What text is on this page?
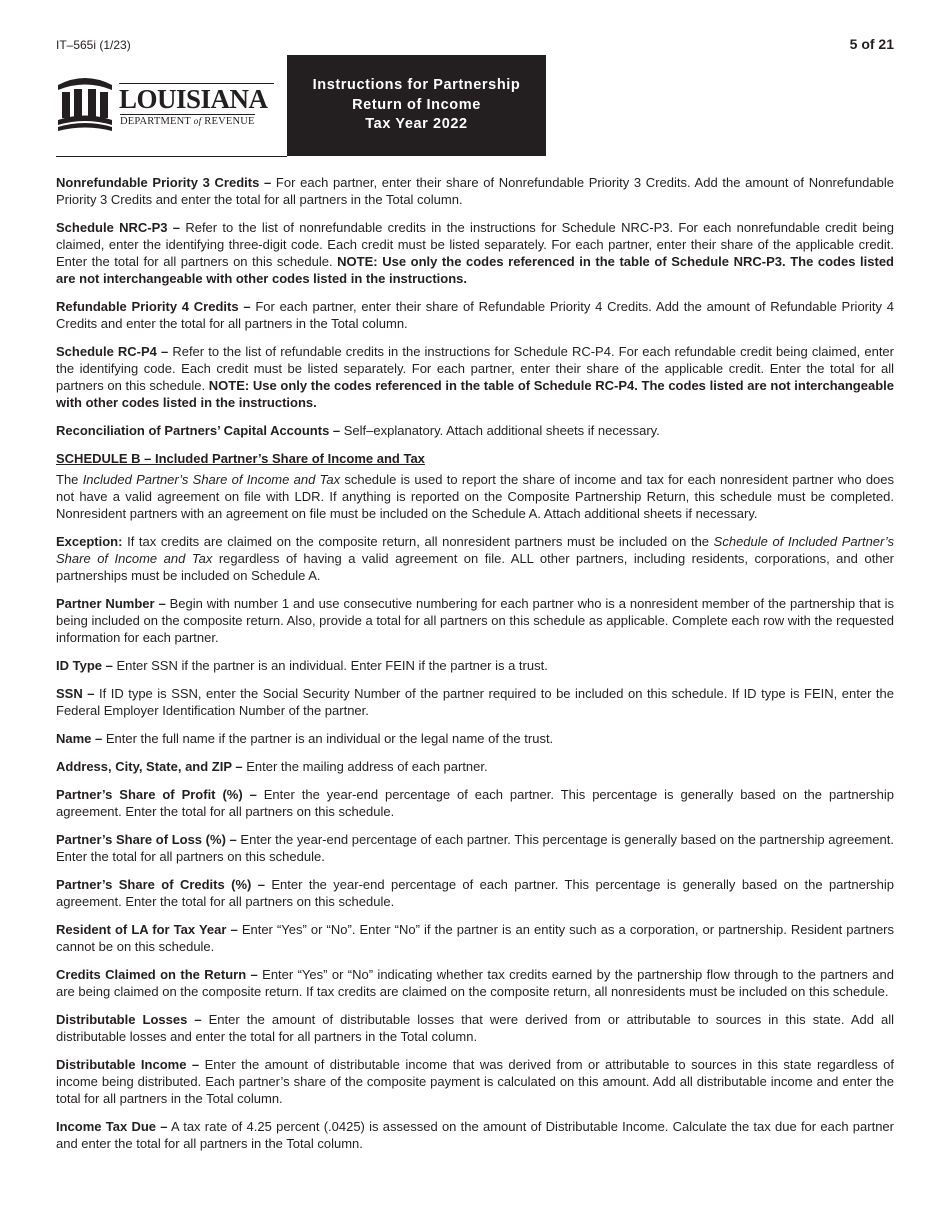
IT–565i (1/23)	5 of 21
LOUISIANA
DEPARTMENT of REVENUE
Instructions for Partnership
Return of Income
Tax Year 2022

Nonrefundable Priority 3 Credits – For each partner, enter their share of Nonrefundable Priority 3 Credits. Add the amount of Nonrefundable Priority 3 Credits and enter the total for all partners in the Total column.

Schedule NRC-P3 – Refer to the list of nonrefundable credits in the instructions for Schedule NRC-P3. For each nonrefundable credit being claimed, enter the identifying three-digit code. Each credit must be listed separately. For each partner, enter their share of the applicable credit. Enter the total for all partners on this schedule. NOTE: Use only the codes referenced in the table of Schedule NRC-P3. The codes listed are not interchangeable with other codes listed in the instructions.

Refundable Priority 4 Credits – For each partner, enter their share of Refundable Priority 4 Credits. Add the amount of Refundable Priority 4 Credits and enter the total for all partners in the Total column.

Schedule RC-P4 – Refer to the list of refundable credits in the instructions for Schedule RC-P4. For each refundable credit being claimed, enter the identifying code. Each credit must be listed separately. For each partner, enter their share of the applicable credit. Enter the total for all partners on this schedule. NOTE: Use only the codes referenced in the table of Schedule RC-P4. The codes listed are not interchangeable with other codes listed in the instructions.

Reconciliation of Partners’ Capital Accounts – Self–explanatory. Attach additional sheets if necessary.

SCHEDULE B – Included Partner’s Share of Income and Tax

The Included Partner’s Share of Income and Tax schedule is used to report the share of income and tax for each nonresident partner who does not have a valid agreement on file with LDR. If anything is reported on the Composite Partnership Return, this schedule must be completed. Nonresident partners with an agreement on file must be included on the Schedule A. Attach additional sheets if necessary.

Exception: If tax credits are claimed on the composite return, all nonresident partners must be included on the Schedule of Included Partner’s Share of Income and Tax regardless of having a valid agreement on file. ALL other partners, including residents, corporations, and other partnerships must be included on Schedule A.

Partner Number – Begin with number 1 and use consecutive numbering for each partner who is a nonresident member of the partnership that is being included on the composite return. Also, provide a total for all partners on this schedule as applicable. Complete each row with the requested information for each partner.

ID Type – Enter SSN if the partner is an individual. Enter FEIN if the partner is a trust.

SSN – If ID type is SSN, enter the Social Security Number of the partner required to be included on this schedule. If ID type is FEIN, enter the Federal Employer Identification Number of the partner.

Name – Enter the full name if the partner is an individual or the legal name of the trust.

Address, City, State, and ZIP – Enter the mailing address of each partner.

Partner’s Share of Profit (%) – Enter the year-end percentage of each partner. This percentage is generally based on the partnership agreement. Enter the total for all partners on this schedule.

Partner’s Share of Loss (%) – Enter the year-end percentage of each partner. This percentage is generally based on the partnership agreement. Enter the total for all partners on this schedule.

Partner’s Share of Credits (%) – Enter the year-end percentage of each partner. This percentage is generally based on the partnership agreement. Enter the total for all partners on this schedule.

Resident of LA for Tax Year – Enter “Yes” or “No”. Enter “No” if the partner is an entity such as a corporation, or partnership. Resident partners cannot be on this schedule.

Credits Claimed on the Return – Enter “Yes” or “No” indicating whether tax credits earned by the partnership flow through to the partners and are being claimed on the composite return. If tax credits are claimed on the composite return, all nonresidents must be included on this schedule.

Distributable Losses – Enter the amount of distributable losses that were derived from or attributable to sources in this state. Add all distributable losses and enter the total for all partners in the Total column.

Distributable Income – Enter the amount of distributable income that was derived from or attributable to sources in this state regardless of income being distributed. Each partner’s share of the composite payment is calculated on this amount. Add all distributable income and enter the total for all partners in the Total column.

Income Tax Due – A tax rate of 4.25 percent (.0425) is assessed on the amount of Distributable Income. Calculate the tax due for each partner and enter the total for all partners in the Total column.
